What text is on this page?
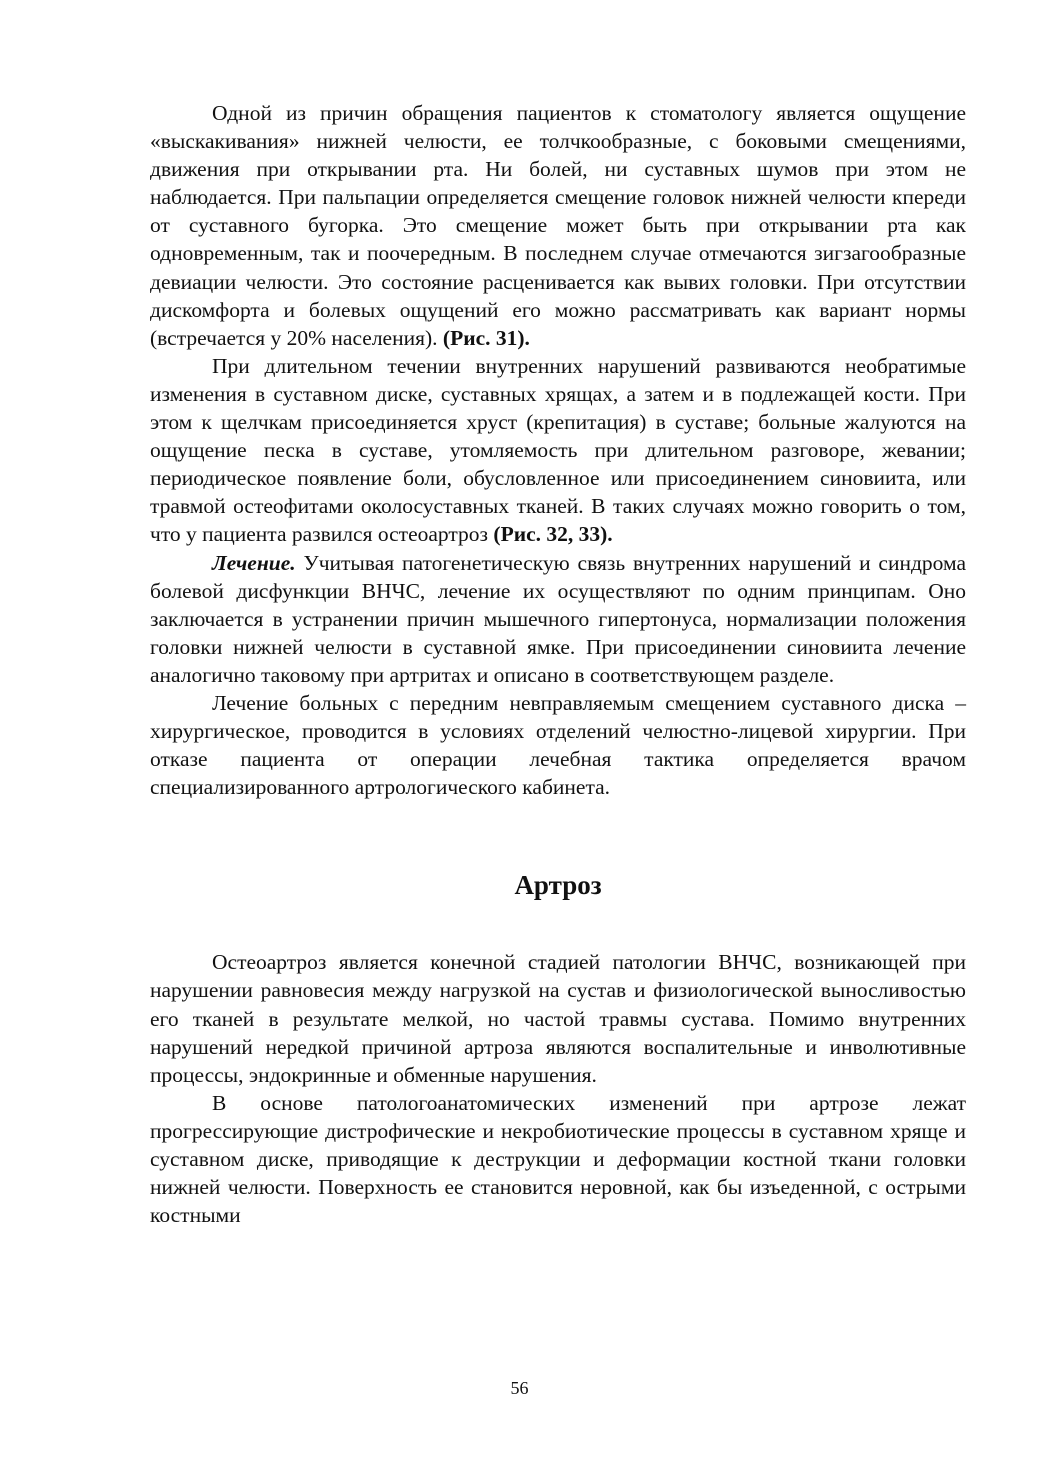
Одной из причин обращения пациентов к стоматологу является ощущение «выскакивания» нижней челюсти, ее толчкообразные, с боковыми смещениями, движения при открывании рта. Ни болей, ни суставных шумов при этом не наблюдается. При пальпации определяется смещение головок нижней челюсти кпереди от суставного бугорка. Это смещение может быть при открывании рта как одновременным, так и поочередным. В последнем случае отмечаются зигзагообразные девиации челюсти. Это состояние расценивается как вывих головки. При отсутствии дискомфорта и болевых ощущений его можно рассматривать как вариант нормы (встречается у 20% населения). (Рис. 31).

При длительном течении внутренних нарушений развиваются необратимые изменения в суставном диске, суставных хрящах, а затем и в подлежащей кости. При этом к щелчкам присоединяется хруст (крепитация) в суставе; больные жалуются на ощущение песка в суставе, утомляемость при длительном разговоре, жевании; периодическое появление боли, обусловленное или присоединением синовиита, или травмой остеофитами околосуставных тканей. В таких случаях можно говорить о том, что у пациента развился остеоартроз (Рис. 32, 33).

Лечение. Учитывая патогенетическую связь внутренних нарушений и синдрома болевой дисфункции ВНЧС, лечение их осуществляют по одним принципам. Оно заключается в устранении причин мышечного гипертонуса, нормализации положения головки нижней челюсти в суставной ямке. При присоединении синовиита лечение аналогично таковому при артритах и описано в соответствующем разделе.

Лечение больных с передним невправляемым смещением суставного диска – хирургическое, проводится в условиях отделений челюстно-лицевой хирургии. При отказе пациента от операции лечебная тактика определяется врачом специализированного артрологического кабинета.

Артроз

Остеоартроз является конечной стадией патологии ВНЧС, возникающей при нарушении равновесия между нагрузкой на сустав и физиологической выносливостью его тканей в результате мелкой, но частой травмы сустава. Помимо внутренних нарушений нередкой причиной артроза являются воспалительные и инволютивные процессы, эндокринные и обменные нарушения.

В основе патологоанатомических изменений при артрозе лежат прогрессирующие дистрофические и некробиотические процессы в суставном хряще и суставном диске, приводящие к деструкции и деформации костной ткани головки нижней челюсти. Поверхность ее становится неровной, как бы изъеденной, с острыми костными

56
